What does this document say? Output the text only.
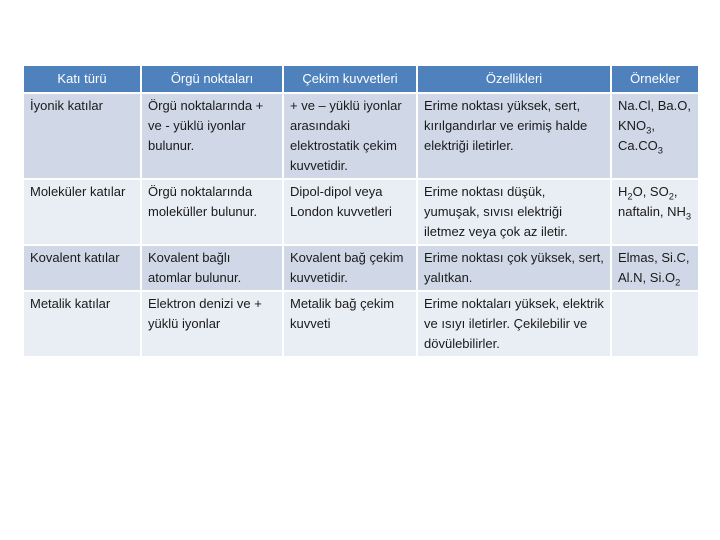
Katı türü	Örgü noktaları	Çekim kuvvetleri	Özellikleri	Örnekler
İyonik katılar	Örgü noktalarında + ve - yüklü iyonlar bulunur.	+ ve – yüklü iyonlar arasındaki elektrostatik çekim kuvvetidir.	Erime noktası yüksek, sert, kırılgandırlar ve erimiş halde elektriği iletirler.	Na.Cl, Ba.O, $KNO_3$, $Ca.CO_3$
Moleküler katılar	Örgü noktalarında moleküller bulunur.	Dipol-dipol veya London kuvvetleri	Erime noktası düşük, yumuşak, sıvısı elektriği iletmez veya çok az iletir.	$H_2O$, $SO_2$, naftalin, $NH_3$
Kovalent katılar	Kovalent bağlı atomlar bulunur.	Kovalent bağ çekim kuvvetidir.	Erime noktası çok yüksek, sert, yalıtkan.	Elmas, Si.C, Al.N, $Si.O_2$
Metalik katılar	Elektron denizi ve + yüklü iyonlar	Metalik bağ çekim kuvveti	Erime noktaları yüksek, elektrik ve ısıyı iletirler. Çekilebilir ve dövülebilirler.	
